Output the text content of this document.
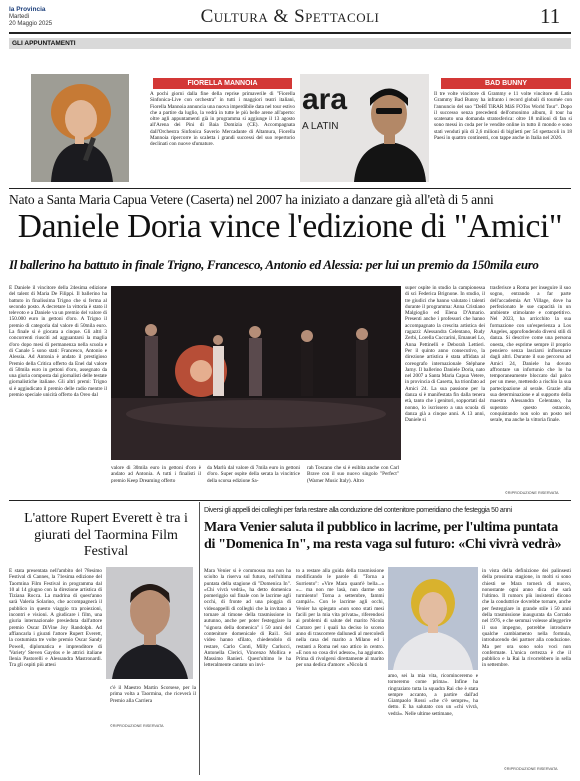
la Provincia
Martedì
20 Maggio 2025	Cultura & Spettacoli	11
GLI APPUNTAMENTI
FIORELLA MANNOIA
A pochi giorni dalla fine della reprise primaverile di "Fiorella Sinfonica-Live con orchestra" in tutti i maggiori teatri italiani, Fiorella Mannoia annuncia una nuova imperdibile data nel tour estivo che a partire da luglio, la vedrà in tutte le più belle arene all'aperto: oltre agli appuntamenti già in programma si aggiunge il 13 agosto all'Arena dei Pini di Baia Domizia (CE). Accompagnata dall'Orchestra Sinfonica Saverio Mercadante di Altamura, Fiorella Mannoia ripercorre in scaletta i grandi successi del suo repertorio declinati con nuove sfumature.
ara
A LATIN
BAD BUNNY
Il tre volte vincitore di Grammy e 11 volte vincitore di Latin Grammy Bad Bunny ha infranto i record globali di tournée con l'annuncio del suo "DeBÍ TiRAR MáS FOTos World Tour". Dopo il successo senza precedenti dell'omonimo album, il tour ha scatenato una domanda stratosferica: oltre 18 milioni di fan si sono messi in coda per le vendite online in tutto il mondo e sono stati venduti più di 2,6 milioni di biglietti per 54 spettacoli in 18 Paesi in quattro continenti, con tappe anche in Italia nel 2026.
Nato a Santa Maria Capua Vetere (Caserta) nel 2007 ha iniziato a danzare già all'età di 5 anni
Daniele Doria vince l'edizione di "Amici"
Il ballerino ha battuto in finale Trigno, Francesco, Antonio ed Alessia: per lui un premio da 150mila euro
È Daniele il vincitore della 24esima edizione del talent di Maria De Filippi. Il ballerino ha battuto in finalissima Trigno che si ferma al secondo posto. A decretare la vittoria è stato il televoto e a Daniele va un premio del valore di 150.000 euro in gettoni d'oro. A Trigno il premio di categoria dal valore di 50mila euro. La finale si è giocata a cinque. Gli altri 3 concorrenti riusciti ad agguantarsi la maglia d'oro dopo mesi di permanenza nella scuola e di Canale 5 sono stati: Francesco, Antonio e Alessia. Ad Antonia è andato il prestigioso Premio della Critica offerto da Enel dal valore di 50mila euro in gettoni d'oro, assegnato da una giuria composta dai giornalisti delle testate giornalistiche italiane. Gli altri premi: Trigno si è aggiudicato il premio delle radio mentre il premio speciale unicità offerto da Oreo dal
valore di 30mila euro in gettoni d'oro è andato ad Antonia. A tutti i finalisti il premio Keep Dreaming offerto
da Marlù dal valore di 7mila euro in gettoni d'oro. Super ospite della serata la vincitrice della scorsa edizione Sa-
rah Toscano che si è esibita anche con Carl Brave con il suo nuovo singolo "Perfect" (Warner Music Italy). Altro
super ospite in studio la campionessa di sci Federica Brignone. In studio, il tre giudici che hanno valutato i talenti durante il programma: Anna Cristiano Malgioglio ed Elena D'Amario. Presenti anche i professori che hanno accompagnato la crescita artistica dei ragazzi: Alessandra Celentano, Rudy Zerbi, Lorella Cuccarini, Emanuel Lo, Anna Pettinelli e Deborah Lettieri. Per il quinto anno consecutivo, la direzione artistica è stata affidata al coreografo internazionale Stéphane Jarny. Il ballerino Daniele Doria, nato nel 2007 a Santa Maria Capua Vetere, in provincia di Caserta, ha trionfato ad Amici 24. La sua passione per la danza si è manifestata fin dalla tenera età, tanto che i genitori, sopportati dal nonno, lo iscrissero a una scuola di danza già a cinque anni. A 13 anni, Daniele si
trasferisce a Roma per inseguire il suo sogno, entrando a far parte dell'accademia Art Village, dove ha perfezionato le sue capacità in un ambiente stimolante e competitivo. Nel 2023, ha arricchito la sua formazione con un'esperienza a Los Angeles, approfondendo diversi stili di danza. Si descrive come una persona onesta, che esprime sempre il proprio pensiero senza lasciarsi influenzare dagli altri. Durante il suo percorso ad Amici 24, Daniele ha dovuto affrontare un infortunio che lo ha temporaneamente bloccato dal palco per un mese, mettendo a rischio la sua partecipazione al serale. Grazie alla sua determinazione e al supporto della maestra Alessandra Celentano, ha superato questo ostacolo, conquistando non solo un posto nel serale, ma anche la vittoria finale.
©RIPRODUZIONE RISERVATA
L'attore Rupert Everett è tra i giurati del Taormina Film Festival
È stata presentata nell'ambito del 78esimo Festival di Cannes, la 71esima edizione del Taormina Film Festival in programma dal 10 al 14 giugno con la direzione artistica di Tiziana Rocca. La madrina di quest'anno sarà Valeria Solarino, che accompagnerà il pubblico in questo viaggio tra proiezioni, incontri e visioni. A giudicare i film, una giuria internazionale presieduta dall'attore premio Oscar DiVine Joy Randolph. Ad affiancarla i giurati l'attore Rupert Everett, la costumista tre volte premio Oscar Sandy Powell, diplomatica e imprenditore di 'Variety' Steven Gaydos e le attrici italiane Ilenia Pastorelli e Alessandra Mastronardi. Tra gli ospiti più attesi
c'è il Maestro Martin Scorsese, per la prima volta a Taormina, che riceverà il Premio alla Carriera
©RIPRODUZIONE RISERVATA
Diversi gli appelli dei colleghi per farla restare alla conduzione del contenitore pomeridiano che festeggia 50 anni
Mara Venier saluta il pubblico in lacrime, per l'ultima puntata di "Domenica In", ma resta vaga sul futuro: «Chi vivrà vedrà»
Mara Venier si è commossa ma non ha sciolto la riserva sul futuro, nell'ultima puntata della stagione di "Domenica In". «Chi vivrà vedrà», ha detto domenica pomeriggio sul finale con le lacrime agli occhi, di fronte ad una pioggia di videoappelli di colleghi che la invitano a tornare al timone della trasmissione in autunno, anche per poter festeggiare la "signora della domenica" i 50 anni del contenitore domenicale di Rai1. Sul video hanno sfilato, chiedendolo di restare, Carlo Conti, Milly Carlucci, Antonella Clerici, Vincenzo Mollica e Massimo Ranieri. Quest'ultimo le ha letteralmente cantato un invi-
to a restare alla guida della trasmissione modificando le parole di "Torna a Surriento": «Vire Mara quant'è bella...» «... ma non me lasà, nun darme sto turmiento! Torna a settembre, fammi campà!». Con le lacrime agli occhi, Venier ha spiegato «non sono stati mesi facili per la mia vita privata», riferendosi ai problemi di salute del marito Nicola Carraro per i quali ha deciso lo scorso anno di trascorrere dallunedì al mercoledì nella casa del marito a Milano ed i restanti a Roma nel suo attico in centro. «E non so cosa divi adesso», ha aggiunto. Prima di rivolgersi direttamente al marito per una dedica d'amore: «Nicola ti
amo, sei la mia vita, ricominceremo e torneremo come prima». Infine ha ringraziato tutta la squadra Rai che è stata sempre accanto, a partire dall'ad Giampaolo Rossi «che c'è sempre», ha detto. E ha salutato con un «chi vivrà, vedrà». Nelle ultime settimane,
in vista della definizione dei palinsesti della prossima stagione, in molti si sono chiesti se Mara tornerà di nuovo, nonostante ogni anno dica che sarà l'ultimo. Il rumors più insistenti dicono che la conduttrice dovrebbe tornare, anche per festeggiare in grande stile i 50 anni della trasmissione inaugurata da Corrado nel 1976, e che semmai volesse alleggerire il suo impegno, potrebbe introdurre qualche cambiamento nella formula, introducendo dei partner alla conduzione. Ma per ora sono solo voci non confermate. L'unica certezza è che il pubblico e la Rai la rivorrebbero in sella in settembre.
©RIPRODUZIONE RISERVATA
